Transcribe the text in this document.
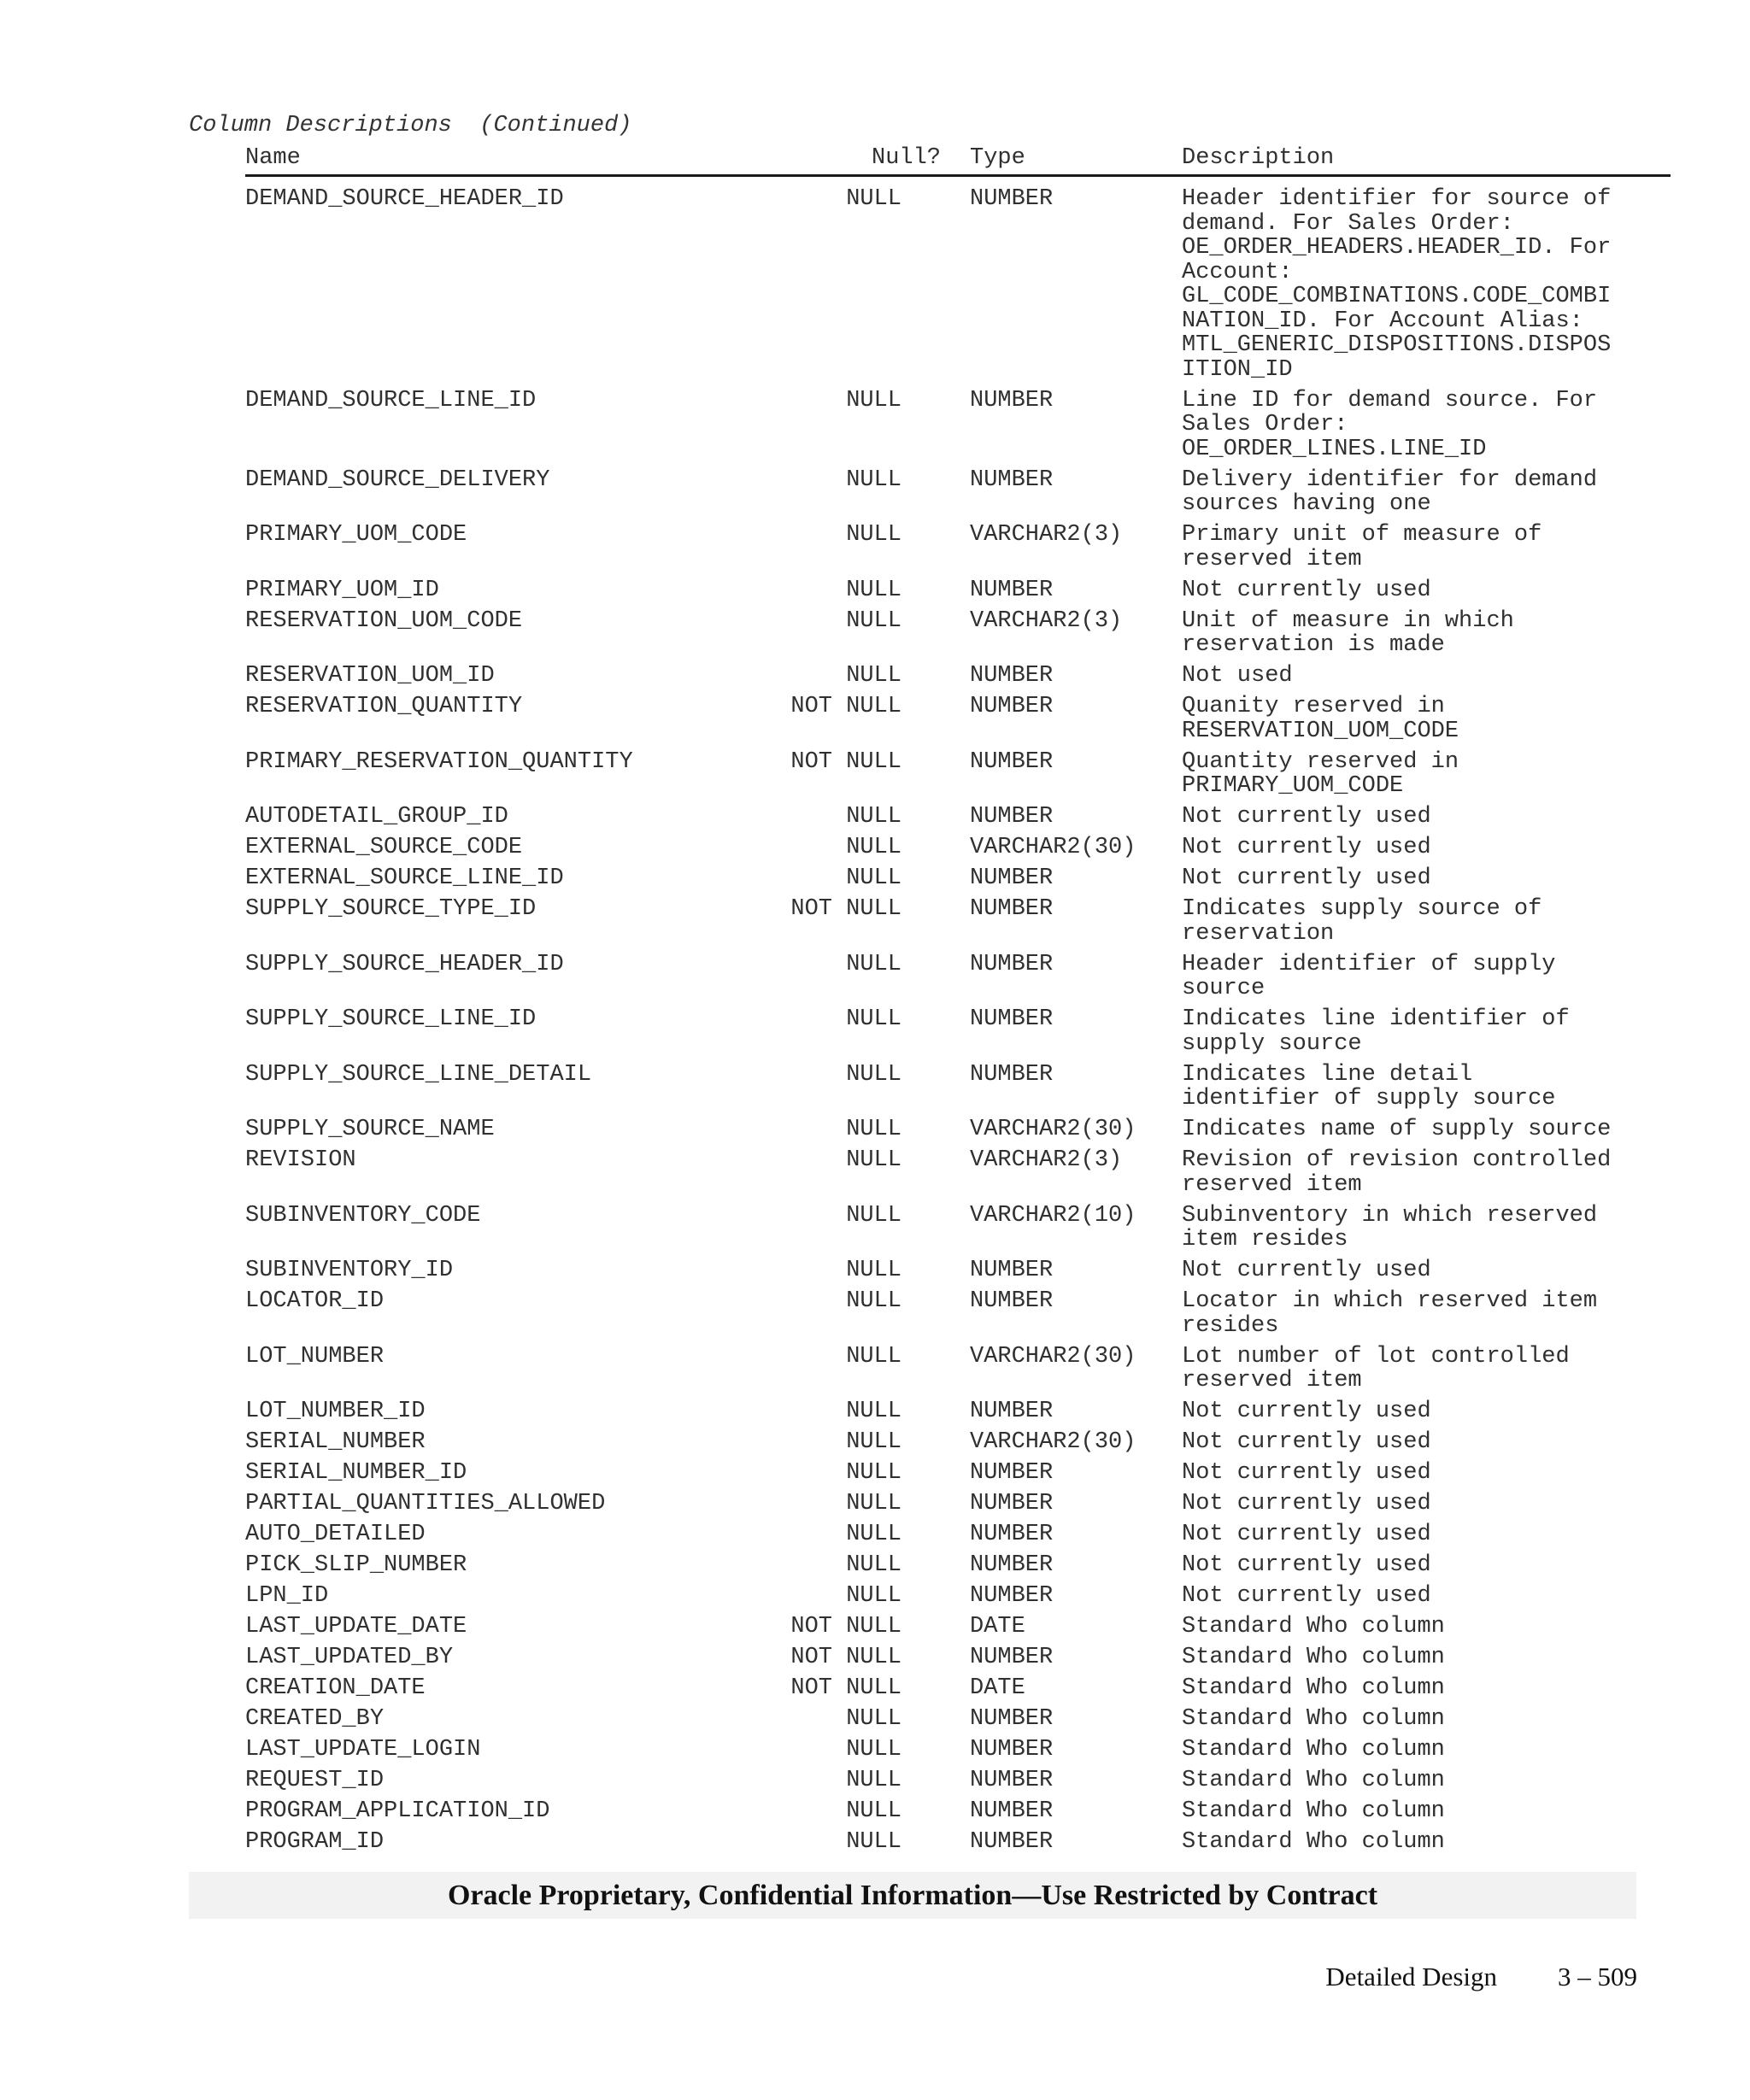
Column Descriptions  (Continued)
Name	Null? Type	Description
DEMAND_SOURCE_HEADER_ID	NULL	NUMBER	Header identifier for source of
demand. For Sales Order:
OE_ORDER_HEADERS.HEADER_ID. For
Account:
GL_CODE_COMBINATIONS.CODE_COMBI
NATION_ID. For Account Alias:
MTL_GENERIC_DISPOSITIONS.DISPOS
ITION_ID
DEMAND_SOURCE_LINE_ID	NULL	NUMBER	Line ID for demand source. For
Sales Order:
OE_ORDER_LINES.LINE_ID
DEMAND_SOURCE_DELIVERY	NULL	NUMBER	Delivery identifier for demand
sources having one
PRIMARY_UOM_CODE	NULL	VARCHAR2(3)	Primary unit of measure of
reserved item
PRIMARY_UOM_ID	NULL	NUMBER	Not currently used
RESERVATION_UOM_CODE	NULL	VARCHAR2(3)	Unit of measure in which
reservation is made
RESERVATION_UOM_ID	NULL	NUMBER	Not used
RESERVATION_QUANTITY	NOT NULL	NUMBER	Quanity reserved in
RESERVATION_UOM_CODE
PRIMARY_RESERVATION_QUANTITY	NOT NULL	NUMBER	Quantity reserved in
PRIMARY_UOM_CODE
AUTODETAIL_GROUP_ID	NULL	NUMBER	Not currently used
EXTERNAL_SOURCE_CODE	NULL	VARCHAR2(30) Not currently used
EXTERNAL_SOURCE_LINE_ID	NULL	NUMBER	Not currently used
SUPPLY_SOURCE_TYPE_ID	NOT NULL	NUMBER	Indicates supply source of
reservation
SUPPLY_SOURCE_HEADER_ID	NULL	NUMBER	Header identifier of supply
source
SUPPLY_SOURCE_LINE_ID	NULL	NUMBER	Indicates line identifier of
supply source
SUPPLY_SOURCE_LINE_DETAIL	NULL	NUMBER	Indicates line detail
identifier of supply source
SUPPLY_SOURCE_NAME	NULL	VARCHAR2(30) Indicates name of supply source
REVISION	NULL	VARCHAR2(3)	Revision of revision controlled
reserved item
SUBINVENTORY_CODE	NULL	VARCHAR2(10) Subinventory in which reserved
item resides
SUBINVENTORY_ID	NULL	NUMBER	Not currently used
LOCATOR_ID	NULL	NUMBER	Locator in which reserved item
resides
LOT_NUMBER	NULL	VARCHAR2(30) Lot number of lot controlled
reserved item
LOT_NUMBER_ID	NULL	NUMBER	Not currently used
SERIAL_NUMBER	NULL	VARCHAR2(30) Not currently used
SERIAL_NUMBER_ID	NULL	NUMBER	Not currently used
PARTIAL_QUANTITIES_ALLOWED	NULL	NUMBER	Not currently used
AUTO_DETAILED	NULL	NUMBER	Not currently used
PICK_SLIP_NUMBER	NULL	NUMBER	Not currently used
LPN_ID	NULL	NUMBER	Not currently used
LAST_UPDATE_DATE	NOT NULL	DATE	Standard Who column
LAST_UPDATED_BY	NOT NULL	NUMBER	Standard Who column
CREATION_DATE	NOT NULL	DATE	Standard Who column
CREATED_BY	NULL	NUMBER	Standard Who column
LAST_UPDATE_LOGIN	NULL	NUMBER	Standard Who column
REQUEST_ID	NULL	NUMBER	Standard Who column
PROGRAM_APPLICATION_ID	NULL	NUMBER	Standard Who column
PROGRAM_ID	NULL	NUMBER	Standard Who column
Oracle Proprietary, Confidential Information––Use Restricted by Contract
Detailed Design 3 – 509
